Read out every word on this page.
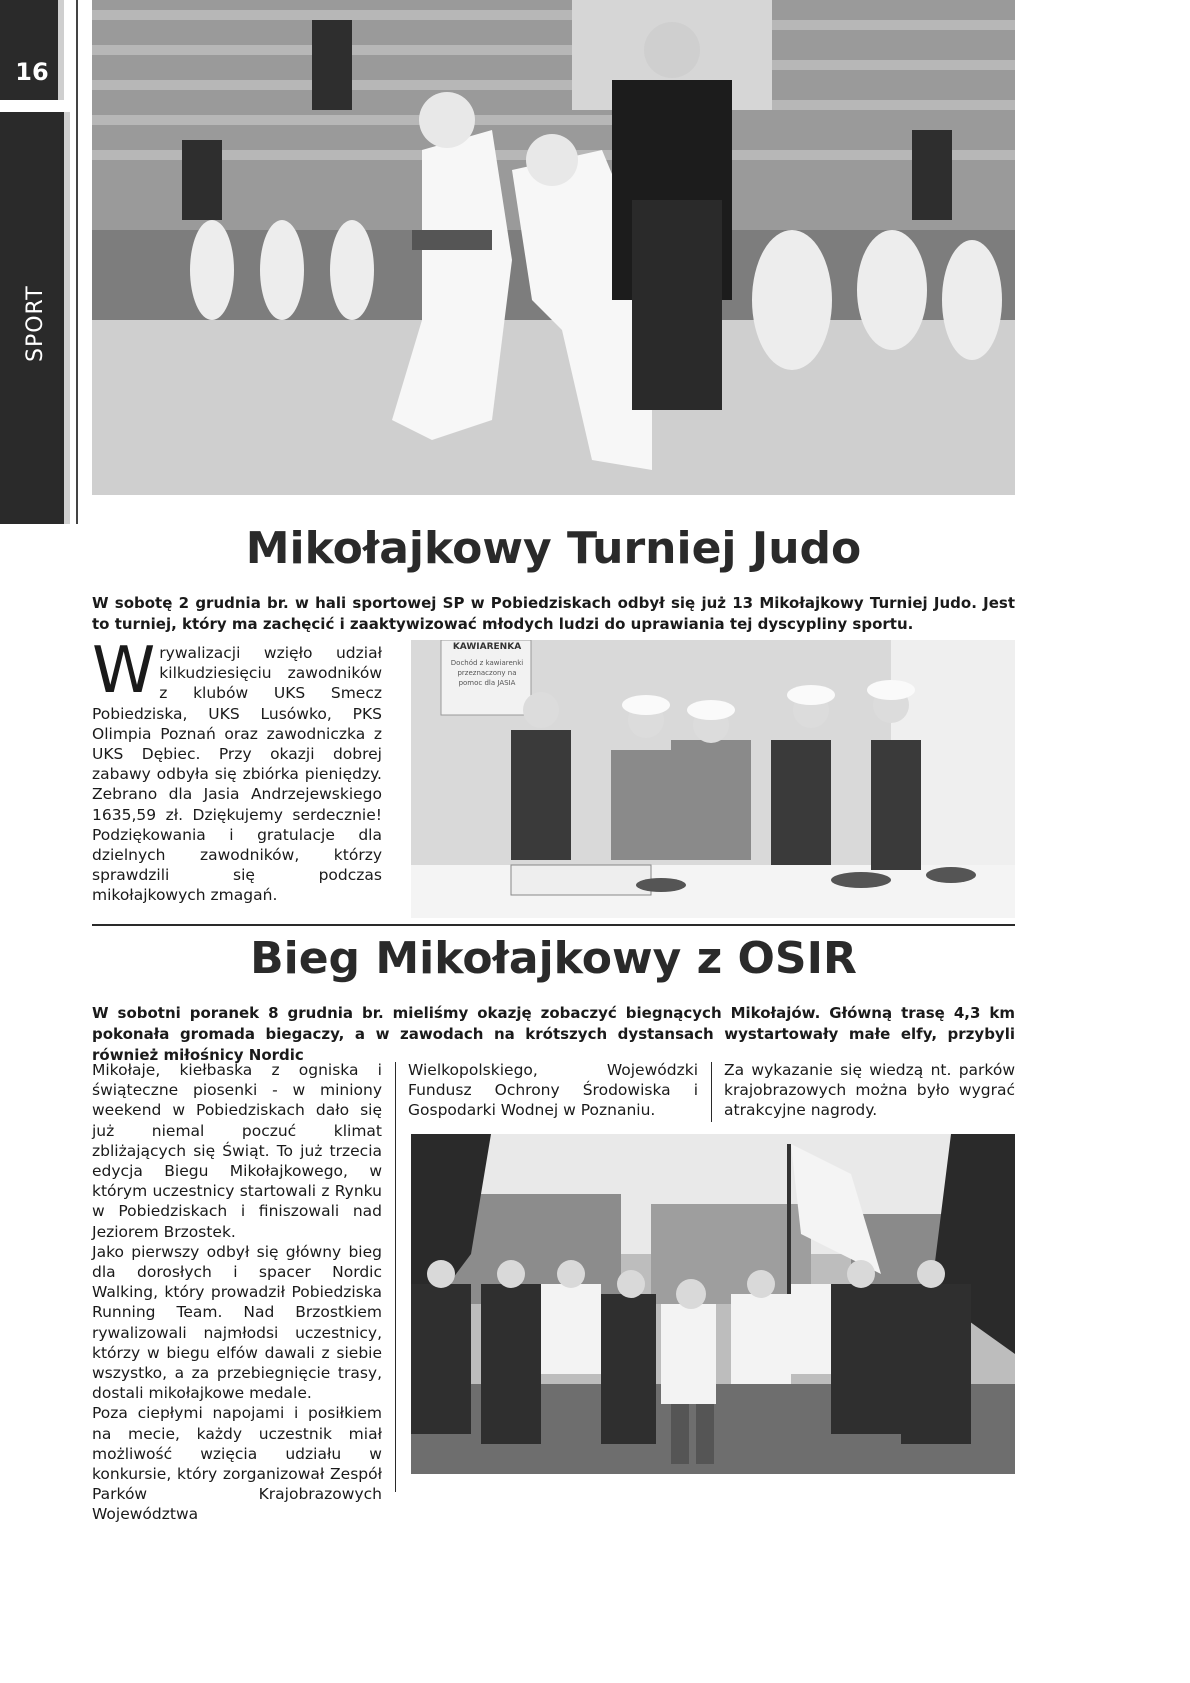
16
SPORT
Mikołajkowy Turniej Judo
W sobotę 2 grudnia br. w hali sportowej SP w Pobiedziskach odbył się już 13 Mikołajkowy Turniej Judo. Jest to turniej, który ma zachęcić i zaaktywizować młodych ludzi do uprawiania tej dyscypliny sportu.
Wrywalizacji wzięło udział kilkudziesięciu zawodników z klubów UKS Smecz Pobiedziska, UKS Lusówko, PKS Olimpia Poznań oraz zawodniczka z UKS Dębiec. Przy okazji dobrej zabawy odbyła się zbiórka pieniędzy. Zebrano dla Jasia Andrzejewskiego 1635,59 zł. Dziękujemy serdecznie! Podziękowania i gratulacje dla dzielnych zawodników, którzy sprawdzili się podczas mikołajkowych zmagań.
KAWIARENKA
Dochód z kawiarenki przeznaczony na pomoc dla JASIA
Bieg Mikołajkowy z OSIR
W sobotni poranek 8 grudnia br. mieliśmy okazję zobaczyć biegnących Mikołajów. Główną trasę 4,3 km pokonała gromada biegaczy, a w zawodach na krótszych dystansach wystartowały małe elfy, przybyli również miłośnicy Nordic
Mikołaje, kiełbaska z ogniska i świąteczne piosenki - w miniony weekend w Pobiedziskach dało się już niemal poczuć klimat zbliżających się Świąt. To już trzecia edycja Biegu Mikołajkowego, w którym uczestnicy startowali z Rynku w Pobiedziskach i finiszowali nad Jeziorem Brzostek.
Jako pierwszy odbył się główny bieg dla dorosłych i spacer Nordic Walking, który prowadził Pobiedziska Running Team. Nad Brzostkiem rywalizowali najmłodsi uczestnicy, którzy w biegu elfów dawali z siebie wszystko, a za przebiegnięcie trasy, dostali mikołajkowe medale.
Poza ciepłymi napojami i posiłkiem na mecie, każdy uczestnik miał możliwość wzięcia udziału w konkursie, który zorganizował Zespół Parków Krajobrazowych Województwa
Wielkopolskiego, Wojewódzki Fundusz Ochrony Środowiska i Gospodarki Wodnej w Poznaniu.
Za wykazanie się wiedzą nt. parków krajobrazowych można było wygrać atrakcyjne nagrody.
